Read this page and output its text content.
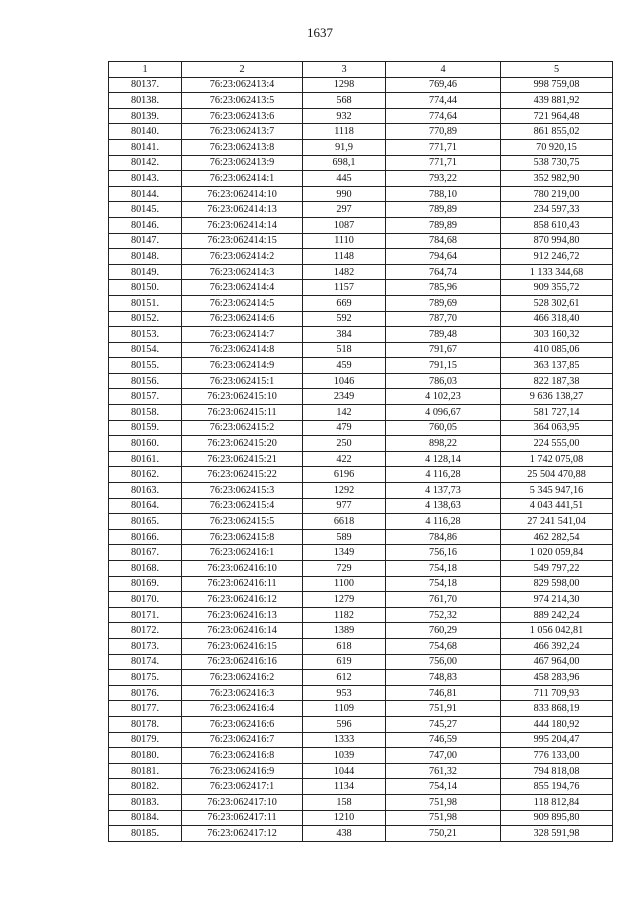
1637
1	2	3	4	5
80137.	76:23:062413:4	1298	769,46	998 759,08
80138.	76:23:062413:5	568	774,44	439 881,92
80139.	76:23:062413:6	932	774,64	721 964,48
80140.	76:23:062413:7	1118	770,89	861 855,02
80141.	76:23:062413:8	91,9	771,71	70 920,15
80142.	76:23:062413:9	698,1	771,71	538 730,75
80143.	76:23:062414:1	445	793,22	352 982,90
80144.	76:23:062414:10	990	788,10	780 219,00
80145.	76:23:062414:13	297	789,89	234 597,33
80146.	76:23:062414:14	1087	789,89	858 610,43
80147.	76:23:062414:15	1110	784,68	870 994,80
80148.	76:23:062414:2	1148	794,64	912 246,72
80149.	76:23:062414:3	1482	764,74	1 133 344,68
80150.	76:23:062414:4	1157	785,96	909 355,72
80151.	76:23:062414:5	669	789,69	528 302,61
80152.	76:23:062414:6	592	787,70	466 318,40
80153.	76:23:062414:7	384	789,48	303 160,32
80154.	76:23:062414:8	518	791,67	410 085,06
80155.	76:23:062414:9	459	791,15	363 137,85
80156.	76:23:062415:1	1046	786,03	822 187,38
80157.	76:23:062415:10	2349	4 102,23	9 636 138,27
80158.	76:23:062415:11	142	4 096,67	581 727,14
80159.	76:23:062415:2	479	760,05	364 063,95
80160.	76:23:062415:20	250	898,22	224 555,00
80161.	76:23:062415:21	422	4 128,14	1 742 075,08
80162.	76:23:062415:22	6196	4 116,28	25 504 470,88
80163.	76:23:062415:3	1292	4 137,73	5 345 947,16
80164.	76:23:062415:4	977	4 138,63	4 043 441,51
80165.	76:23:062415:5	6618	4 116,28	27 241 541,04
80166.	76:23:062415:8	589	784,86	462 282,54
80167.	76:23:062416:1	1349	756,16	1 020 059,84
80168.	76:23:062416:10	729	754,18	549 797,22
80169.	76:23:062416:11	1100	754,18	829 598,00
80170.	76:23:062416:12	1279	761,70	974 214,30
80171.	76:23:062416:13	1182	752,32	889 242,24
80172.	76:23:062416:14	1389	760,29	1 056 042,81
80173.	76:23:062416:15	618	754,68	466 392,24
80174.	76:23:062416:16	619	756,00	467 964,00
80175.	76:23:062416:2	612	748,83	458 283,96
80176.	76:23:062416:3	953	746,81	711 709,93
80177.	76:23:062416:4	1109	751,91	833 868,19
80178.	76:23:062416:6	596	745,27	444 180,92
80179.	76:23:062416:7	1333	746,59	995 204,47
80180.	76:23:062416:8	1039	747,00	776 133,00
80181.	76:23:062416:9	1044	761,32	794 818,08
80182.	76:23:062417:1	1134	754,14	855 194,76
80183.	76:23:062417:10	158	751,98	118 812,84
80184.	76:23:062417:11	1210	751,98	909 895,80
80185.	76:23:062417:12	438	750,21	328 591,98
